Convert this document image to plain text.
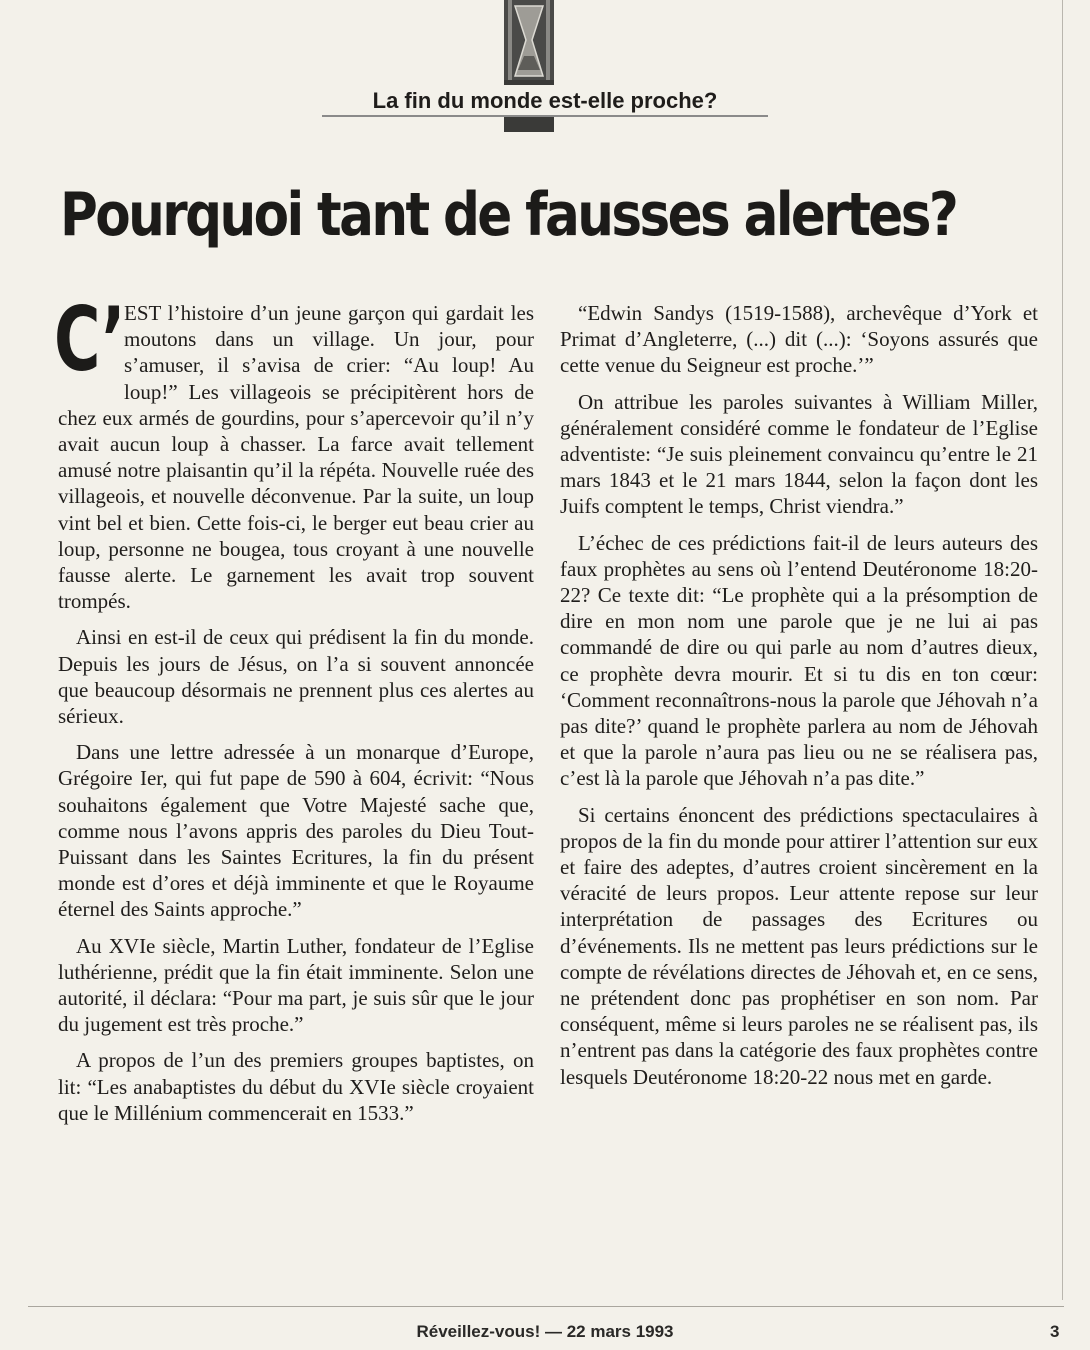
La fin du monde est-elle proche?
Pourquoi tant de fausses alertes?

C’ EST l’histoire d’un jeune garçon qui gardait les moutons dans un village. Un jour, pour s’amuser, il s’avisa de crier: “Au loup! Au loup!” Les villageois se précipitèrent hors de chez eux armés de gourdins, pour s’apercevoir qu’il n’y avait aucun loup à chasser. La farce avait tellement amusé notre plaisantin qu’il la répéta. Nouvelle ruée des villageois, et nouvelle déconvenue. Par la suite, un loup vint bel et bien. Cette fois-ci, le berger eut beau crier au loup, personne ne bougea, tous croyant à une nouvelle fausse alerte. Le garnement les avait trop souvent trompés.

Ainsi en est-il de ceux qui prédisent la fin du monde. Depuis les jours de Jésus, on l’a si souvent annoncée que beaucoup désormais ne prennent plus ces alertes au sérieux.

Dans une lettre adressée à un monarque d’Europe, Grégoire Ier, qui fut pape de 590 à 604, écrivit: “Nous souhaitons également que Votre Majesté sache que, comme nous l’avons appris des paroles du Dieu Tout-Puissant dans les Saintes Ecritures, la fin du présent monde est d’ores et déjà imminente et que le Royaume éternel des Saints approche.”

Au XVIe siècle, Martin Luther, fondateur de l’Eglise luthérienne, prédit que la fin était imminente. Selon une autorité, il déclara: “Pour ma part, je suis sûr que le jour du jugement est très proche.”

A propos de l’un des premiers groupes baptistes, on lit: “Les anabaptistes du début du XVIe siècle croyaient que le Millénium commencerait en 1533.”

“Edwin Sandys (1519-1588), archevêque d’York et Primat d’Angleterre, (...) dit (...): ‘Soyons assurés que cette venue du Seigneur est proche.’”

On attribue les paroles suivantes à William Miller, généralement considéré comme le fondateur de l’Eglise adventiste: “Je suis pleinement convaincu qu’entre le 21 mars 1843 et le 21 mars 1844, selon la façon dont les Juifs comptent le temps, Christ viendra.”

L’échec de ces prédictions fait-il de leurs auteurs des faux prophètes au sens où l’entend Deutéronome 18:20-22? Ce texte dit: “Le prophète qui a la présomption de dire en mon nom une parole que je ne lui ai pas commandé de dire ou qui parle au nom d’autres dieux, ce prophète devra mourir. Et si tu dis en ton cœur: ‘Comment reconnaîtrons-nous la parole que Jéhovah n’a pas dite?’ quand le prophète parlera au nom de Jéhovah et que la parole n’aura pas lieu ou ne se réalisera pas, c’est là la parole que Jéhovah n’a pas dite.”

Si certains énoncent des prédictions spectaculaires à propos de la fin du monde pour attirer l’attention sur eux et faire des adeptes, d’autres croient sincèrement en la véracité de leurs propos. Leur attente repose sur leur interprétation de passages des Ecritures ou d’événements. Ils ne mettent pas leurs prédictions sur le compte de révélations directes de Jéhovah et, en ce sens, ne prétendent donc pas prophétiser en son nom. Par conséquent, même si leurs paroles ne se réalisent pas, ils n’entrent pas dans la catégorie des faux prophètes contre lesquels Deutéronome 18:20-22 nous met en garde.

Réveillez-vous! — 22 mars 1993	3
